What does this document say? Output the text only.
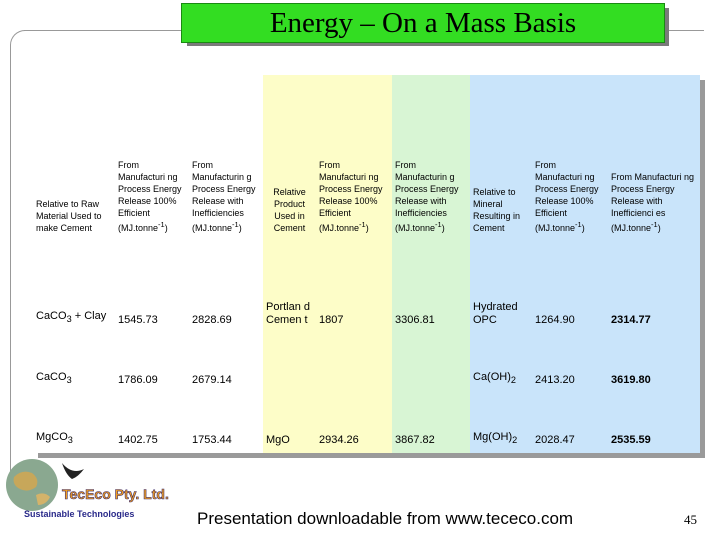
Energy – On a Mass Basis
Relative to Raw Material Used to make Cement	From Manufacturi ng Process Energy Release 100% Efficient (MJ.tonne$^{-1}$)	From Manufacturin g Process Energy Release with Inefficiencies (MJ.tonne$^{-1}$)	Relative Product Used in Cement	From Manufacturi ng Process Energy Release 100% Efficient (MJ.tonne$^{-1}$)	From Manufacturin g Process Energy Release with Inefficiencies (MJ.tonne$^{-1}$)	Relative to Mineral Resulting in Cement	From Manufacturi ng Process Energy Release 100% Efficient (MJ.tonne$^{-1}$)	From Manufacturi ng Process Energy Release with Inefficienci es (MJ.tonne$^{-1}$)
CaCO$_3$ + Clay	1545.73	2828.69	Portlan d Cemen t	1807	3306.81	Hydrated OPC	1264.90	2314.77
CaCO$_3$	1786.09	2679.14				$Ca(OH)_2$	2413.20	3619.80
MgCO$_3$	1402.75	1753.44	MgO	2934.26	3867.82	$Mg(OH)_2$	2028.47	2535.59
TecEco Pty. Ltd.
Sustainable Technologies	Presentation downloadable from www.tececo.com	45
